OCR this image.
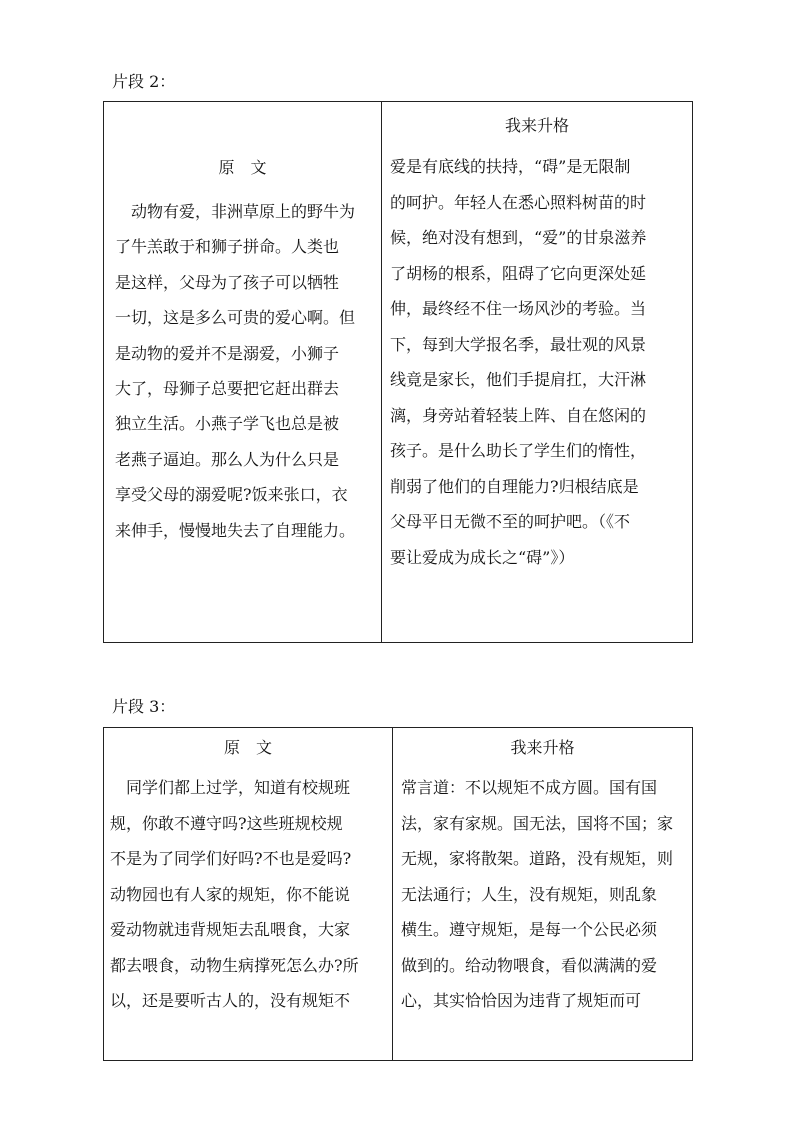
片段 2：
原　文
　动物有爱，非洲草原上的野牛为
了牛羔敢于和狮子拼命。人类也
是这样，父母为了孩子可以牺牲
一切，这是多么可贵的爱心啊。但
是动物的爱并不是溺爱，小狮子
大了，母狮子总要把它赶出群去
独立生活。小燕子学飞也总是被
老燕子逼迫。那么人为什么只是
享受父母的溺爱呢?饭来张口，衣
来伸手，慢慢地失去了自理能力。

我来升格
爱是有底线的扶持，“碍”是无限制
的呵护。年轻人在悉心照料树苗的时
候，绝对没有想到，“爱”的甘泉滋养
了胡杨的根系，阻碍了它向更深处延
伸，最终经不住一场风沙的考验。当
下，每到大学报名季，最壮观的风景
线竟是家长，他们手提肩扛，大汗淋
漓，身旁站着轻装上阵、自在悠闲的
孩子。是什么助长了学生们的惰性，
削弱了他们的自理能力?归根结底是
父母平日无微不至的呵护吧。（《不
要让爱成为成长之“碍”》）
片段 3：
原　文
　同学们都上过学，知道有校规班
规，你敢不遵守吗?这些班规校规
不是为了同学们好吗?不也是爱吗?
动物园也有人家的规矩，你不能说
爱动物就违背规矩去乱喂食，大家
都去喂食，动物生病撑死怎么办?所
以，还是要听古人的，没有规矩不

我来升格
常言道：不以规矩不成方圆。国有国
法，家有家规。国无法，国将不国；家
无规，家将散架。道路，没有规矩，则
无法通行；人生，没有规矩，则乱象
横生。遵守规矩，是每一个公民必须
做到的。给动物喂食，看似满满的爱
心，其实恰恰因为违背了规矩而可
